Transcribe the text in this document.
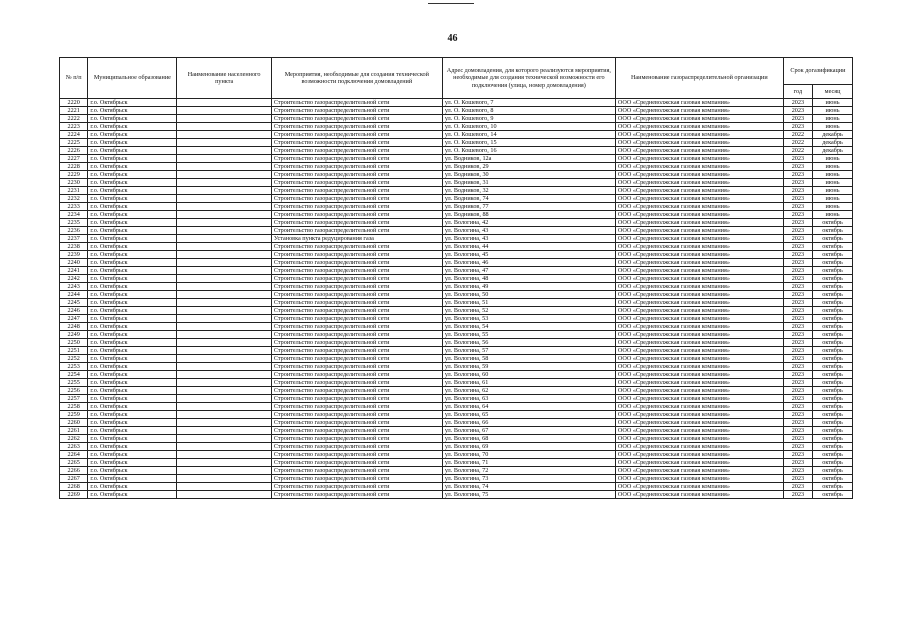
46
№ п/п	Муниципальное образование	Наименование населенного пункта	Мероприятия, необходимые для создания технической возможности подключения домовладений	Адрес домовладения, для которого реализуются мероприятия, необходимые для создания технической возможности его подключения (улица, номер домовладения)	Наименование газораспределительной организации	Срок догазификации	
						год	месяц
2220	г.о. Октябрьск		Строительство газораспределительной сети	ул. О. Кошевого, 7	ООО «Средневолжская газовая компания»	2023	июнь
2221	г.о. Октябрьск		Строительство газораспределительной сети	ул. О. Кошевого, 8	ООО «Средневолжская газовая компания»	2023	июнь
2222	г.о. Октябрьск		Строительство газораспределительной сети	ул. О. Кошевого, 9	ООО «Средневолжская газовая компания»	2023	июнь
2223	г.о. Октябрьск		Строительство газораспределительной сети	ул. О. Кошевого, 10	ООО «Средневолжская газовая компания»	2023	июнь
2224	г.о. Октябрьск		Строительство газораспределительной сети	ул. О. Кошевого, 14	ООО «Средневолжская газовая компания»	2022	декабрь
2225	г.о. Октябрьск		Строительство газораспределительной сети	ул. О. Кошевого, 15	ООО «Средневолжская газовая компания»	2022	декабрь
2226	г.о. Октябрьск		Строительство газораспределительной сети	ул. О. Кошевого, 16	ООО «Средневолжская газовая компания»	2022	декабрь
2227	г.о. Октябрьск		Строительство газораспределительной сети	ул. Водников, 12а	ООО «Средневолжская газовая компания»	2023	июнь
2228	г.о. Октябрьск		Строительство газораспределительной сети	ул. Водников, 29	ООО «Средневолжская газовая компания»	2023	июнь
2229	г.о. Октябрьск		Строительство газораспределительной сети	ул. Водников, 30	ООО «Средневолжская газовая компания»	2023	июнь
2230	г.о. Октябрьск		Строительство газораспределительной сети	ул. Водников, 31	ООО «Средневолжская газовая компания»	2023	июнь
2231	г.о. Октябрьск		Строительство газораспределительной сети	ул. Водников, 32	ООО «Средневолжская газовая компания»	2023	июнь
2232	г.о. Октябрьск		Строительство газораспределительной сети	ул. Водников, 74	ООО «Средневолжская газовая компания»	2023	июнь
2233	г.о. Октябрьск		Строительство газораспределительной сети	ул. Водников, 77	ООО «Средневолжская газовая компания»	2023	июнь
2234	г.о. Октябрьск		Строительство газораспределительной сети	ул. Водников, 88	ООО «Средневолжская газовая компания»	2023	июнь
2235	г.о. Октябрьск		Строительство газораспределительной сети	ул. Вологина, 42	ООО «Средневолжская газовая компания»	2023	октябрь
2236	г.о. Октябрьск		Строительство газораспределительной сети	ул. Вологина, 43	ООО «Средневолжская газовая компания»	2023	октябрь
2237	г.о. Октябрьск		Установка пункта редуцирования газа	ул. Вологина, 43	ООО «Средневолжская газовая компания»	2023	октябрь
2238	г.о. Октябрьск		Строительство газораспределительной сети	ул. Вологина, 44	ООО «Средневолжская газовая компания»	2023	октябрь
2239	г.о. Октябрьск		Строительство газораспределительной сети	ул. Вологина, 45	ООО «Средневолжская газовая компания»	2023	октябрь
2240	г.о. Октябрьск		Строительство газораспределительной сети	ул. Вологина, 46	ООО «Средневолжская газовая компания»	2023	октябрь
2241	г.о. Октябрьск		Строительство газораспределительной сети	ул. Вологина, 47	ООО «Средневолжская газовая компания»	2023	октябрь
2242	г.о. Октябрьск		Строительство газораспределительной сети	ул. Вологина, 48	ООО «Средневолжская газовая компания»	2023	октябрь
2243	г.о. Октябрьск		Строительство газораспределительной сети	ул. Вологина, 49	ООО «Средневолжская газовая компания»	2023	октябрь
2244	г.о. Октябрьск		Строительство газораспределительной сети	ул. Вологина, 50	ООО «Средневолжская газовая компания»	2023	октябрь
2245	г.о. Октябрьск		Строительство газораспределительной сети	ул. Вологина, 51	ООО «Средневолжская газовая компания»	2023	октябрь
2246	г.о. Октябрьск		Строительство газораспределительной сети	ул. Вологина, 52	ООО «Средневолжская газовая компания»	2023	октябрь
2247	г.о. Октябрьск		Строительство газораспределительной сети	ул. Вологина, 53	ООО «Средневолжская газовая компания»	2023	октябрь
2248	г.о. Октябрьск		Строительство газораспределительной сети	ул. Вологина, 54	ООО «Средневолжская газовая компания»	2023	октябрь
2249	г.о. Октябрьск		Строительство газораспределительной сети	ул. Вологина, 55	ООО «Средневолжская газовая компания»	2023	октябрь
2250	г.о. Октябрьск		Строительство газораспределительной сети	ул. Вологина, 56	ООО «Средневолжская газовая компания»	2023	октябрь
2251	г.о. Октябрьск		Строительство газораспределительной сети	ул. Вологина, 57	ООО «Средневолжская газовая компания»	2023	октябрь
2252	г.о. Октябрьск		Строительство газораспределительной сети	ул. Вологина, 58	ООО «Средневолжская газовая компания»	2023	октябрь
2253	г.о. Октябрьск		Строительство газораспределительной сети	ул. Вологина, 59	ООО «Средневолжская газовая компания»	2023	октябрь
2254	г.о. Октябрьск		Строительство газораспределительной сети	ул. Вологина, 60	ООО «Средневолжская газовая компания»	2023	октябрь
2255	г.о. Октябрьск		Строительство газораспределительной сети	ул. Вологина, 61	ООО «Средневолжская газовая компания»	2023	октябрь
2256	г.о. Октябрьск		Строительство газораспределительной сети	ул. Вологина, 62	ООО «Средневолжская газовая компания»	2023	октябрь
2257	г.о. Октябрьск		Строительство газораспределительной сети	ул. Вологина, 63	ООО «Средневолжская газовая компания»	2023	октябрь
2258	г.о. Октябрьск		Строительство газораспределительной сети	ул. Вологина, 64	ООО «Средневолжская газовая компания»	2023	октябрь
2259	г.о. Октябрьск		Строительство газораспределительной сети	ул. Вологина, 65	ООО «Средневолжская газовая компания»	2023	октябрь
2260	г.о. Октябрьск		Строительство газораспределительной сети	ул. Вологина, 66	ООО «Средневолжская газовая компания»	2023	октябрь
2261	г.о. Октябрьск		Строительство газораспределительной сети	ул. Вологина, 67	ООО «Средневолжская газовая компания»	2023	октябрь
2262	г.о. Октябрьск		Строительство газораспределительной сети	ул. Вологина, 68	ООО «Средневолжская газовая компания»	2023	октябрь
2263	г.о. Октябрьск		Строительство газораспределительной сети	ул. Вологина, 69	ООО «Средневолжская газовая компания»	2023	октябрь
2264	г.о. Октябрьск		Строительство газораспределительной сети	ул. Вологина, 70	ООО «Средневолжская газовая компания»	2023	октябрь
2265	г.о. Октябрьск		Строительство газораспределительной сети	ул. Вологина, 71	ООО «Средневолжская газовая компания»	2023	октябрь
2266	г.о. Октябрьск		Строительство газораспределительной сети	ул. Вологина, 72	ООО «Средневолжская газовая компания»	2023	октябрь
2267	г.о. Октябрьск		Строительство газораспределительной сети	ул. Вологина, 73	ООО «Средневолжская газовая компания»	2023	октябрь
2268	г.о. Октябрьск		Строительство газораспределительной сети	ул. Вологина, 74	ООО «Средневолжская газовая компания»	2023	октябрь
2269	г.о. Октябрьск		Строительство газораспределительной сети	ул. Вологина, 75	ООО «Средневолжская газовая компания»	2023	октябрь
